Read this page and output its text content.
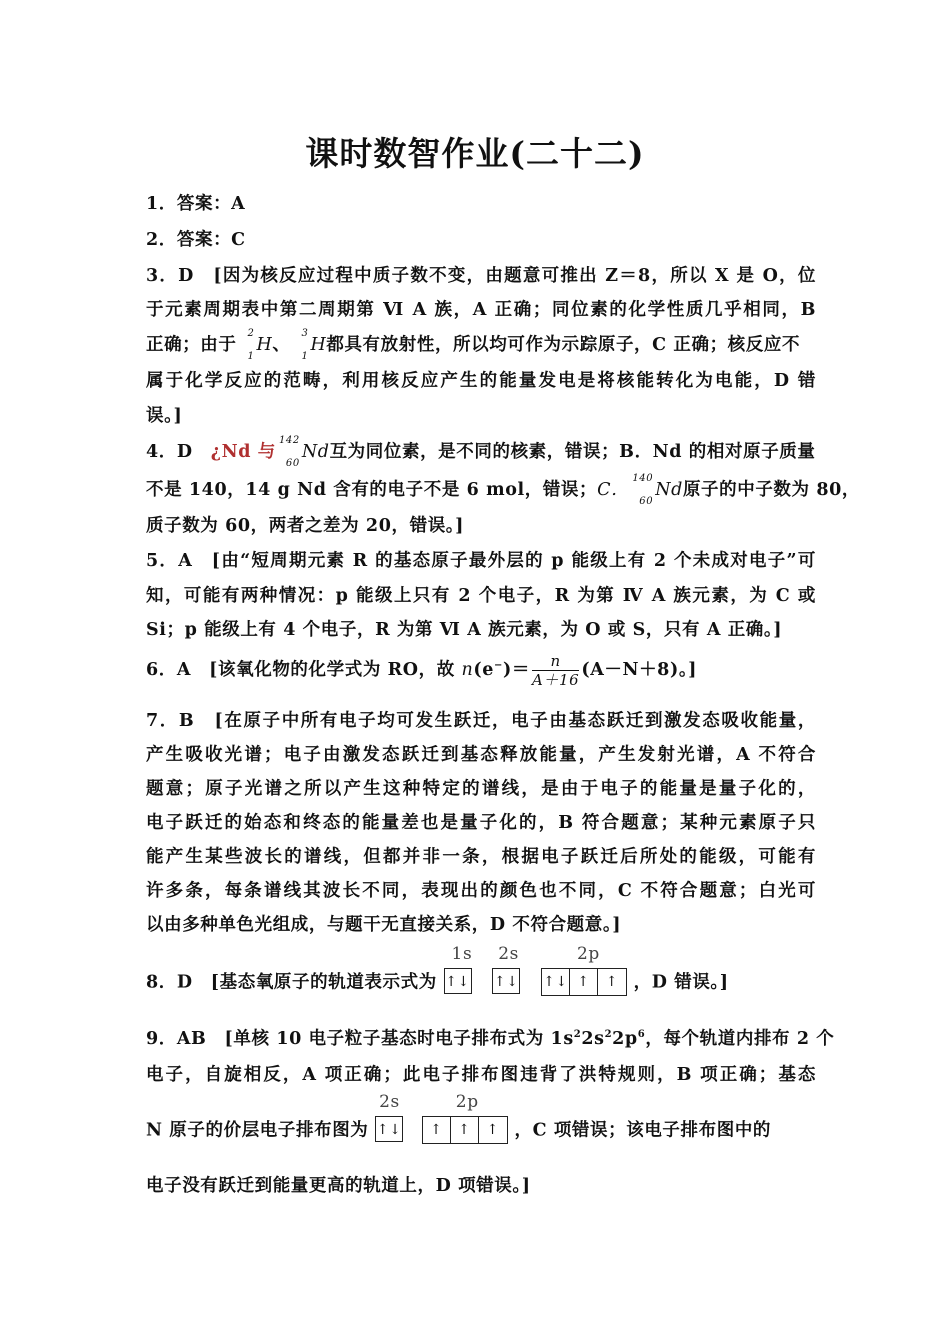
课时数智作业(二十二)
1．答案：A
2．答案：C
3．D　[因为核反应过程中质子数不变，由题意可推出 Z＝8，所以 X 是 O，位
于元素周期表中第二周期第 Ⅵ A 族，A 正确；同位素的化学性质几乎相同，B
正确；由于
2
1
H、
3
1
H都具有放射性，所以均可作为示踪原子，C 正确；核反应不
属于化学反应的范畴，利用核反应产生的能量发电是将核能转化为电能，D 错
误。]
4．D　¿Nd 与
142
60
Nd互为同位素，是不同的核素，错误；B．Nd 的相对原子质量
不是 140，14 g Nd 含有的电子不是 6 mol，错误；C．
140
60
Nd原子的中子数为 80，
质子数为 60，两者之差为 20，错误。]
5．A　[由“短周期元素 R 的基态原子最外层的 p 能级上有 2 个未成对电子”可
知，可能有两种情况：p 能级上只有 2 个电子，R 为第 Ⅳ A 族元素，为 C 或
Si；p 能级上有 4 个电子，R 为第 Ⅵ A 族元素，为 O 或 S，只有 A 正确。]
6．A　[该氧化物的化学式为 RO，故 $n(e^-)= \frac{n}{A+16} (A-N+8)$。]
7．B　[在原子中所有电子均可发生跃迁，电子由基态跃迁到激发态吸收能量，
产生吸收光谱；电子由激发态跃迁到基态释放能量，产生发射光谱，A 不符合
题意；原子光谱之所以产生这种特定的谱线，是由于电子的能量是量子化的，
电子跃迁的始态和终态的能量差也是量子化的，B 符合题意；某种元素原子只
能产生某些波长的谱线，但都并非一条，根据电子跃迁后所处的能级，可能有
许多条，每条谱线其波长不同，表现出的颜色也不同，C 不符合题意；白光可
以由多种单色光组成，与题干无直接关系，D 不符合题意。]
8．D　[基态氧原子的轨道表示式为
1s
↑↓
2s
↑↓
2p
↑↓ ↑	↑ ，D 错误。]
9．AB　[单核 10 电子粒子基态时电子排布式为 $1s^22s^22p^6$，每个轨道内排布 2 个
电子，自旋相反，A 项正确；此电子排布图违背了洪特规则，B 项正确；基态
N 原子的价层电子排布图为
2s
↑↓
2p
↑	↑	↑ ，C 项错误；该电子排布图中的
电子没有跃迁到能量更高的轨道上，D 项错误。]
